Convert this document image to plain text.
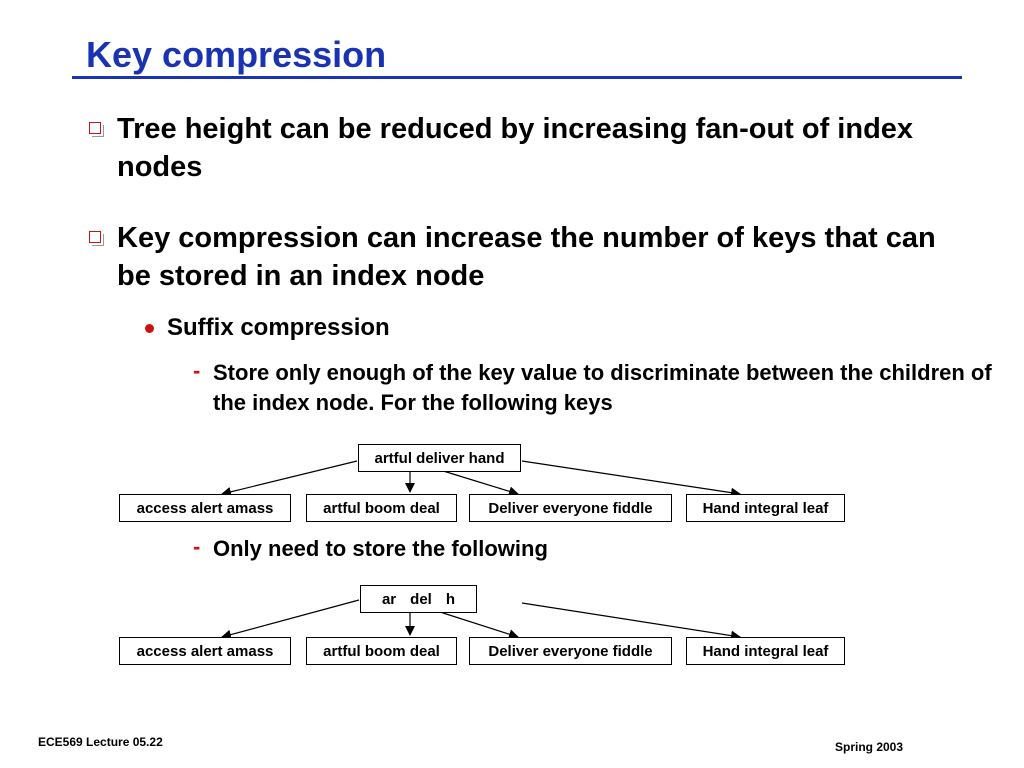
Key compression
Tree height can be reduced by increasing fan-out of index nodes
Key compression can increase the number of keys that can be stored in an index node
Suffix compression
- Store only enough of the key value to discriminate between the children of the index node. For the following keys
artful deliver hand
access alert amass	artful boom deal	Deliver everyone fiddle	Hand integral leaf
- Only need to store the following
ar del h
access alert amass	artful boom deal	Deliver everyone fiddle	Hand integral leaf
ECE569 Lecture 05.22	Spring 2003
